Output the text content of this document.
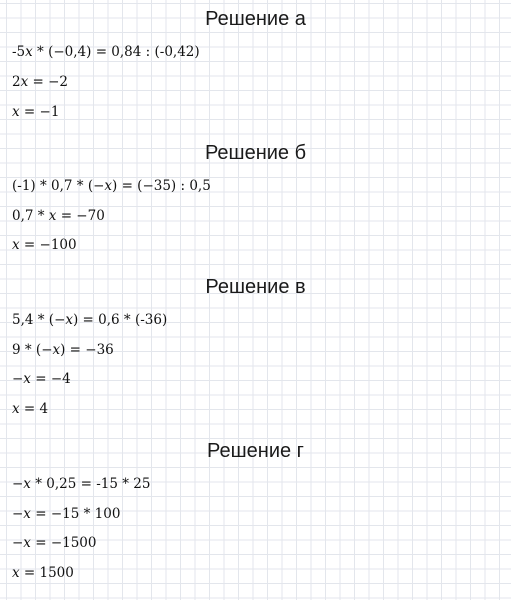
Решение а
-5𝑥 * (−0,4) = 0,84 : (-0,42)
2𝑥 = −2
𝑥 = −1
Решение б
(-1) * 0,7 * (−𝑥) = (−35) : 0,5
0,7 * 𝑥 = −70
𝑥 = −100
Решение в
5,4 * (−𝑥) = 0,6 * (-36)
9 * (−𝑥) = −36
−𝑥 = −4
𝑥 = 4
Решение г
−𝑥 * 0,25 = -15 * 25
−𝑥 = −15 * 100
−𝑥 = −1500
𝑥 = 1500
